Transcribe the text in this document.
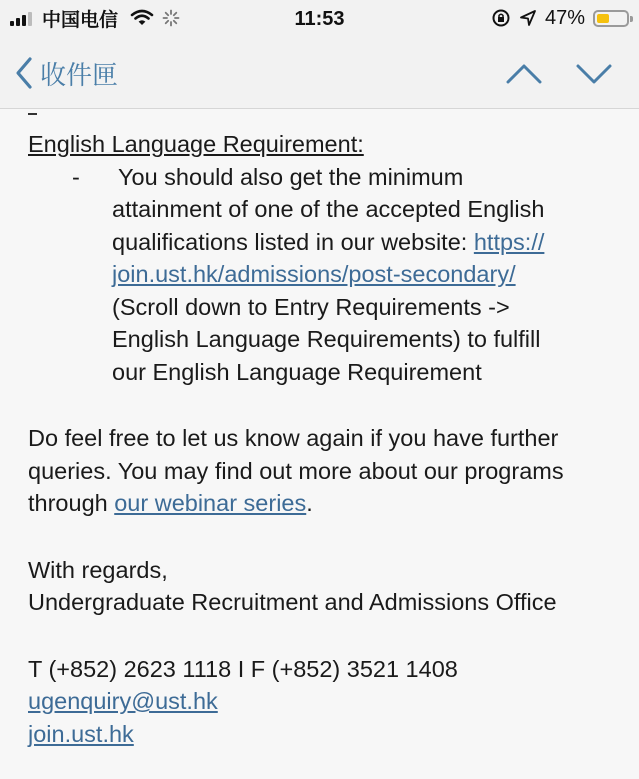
中国电信	11:53	47%
收件匣
English Language Requirement:
- You should also get the minimum
attainment of one of the accepted English
qualifications listed in our website: https://
join.ust.hk/admissions/post-secondary/
(Scroll down to Entry Requirements ->
English Language Requirements) to fulfill
our English Language Requirement
Do feel free to let us know again if you have further
queries. You may find out more about our programs
through our webinar series.
With regards,
Undergraduate Recruitment and Admissions Office
T (+852) 2623 1118 I F (+852) 3521 1408
ugenquiry@ust.hk
join.ust.hk
